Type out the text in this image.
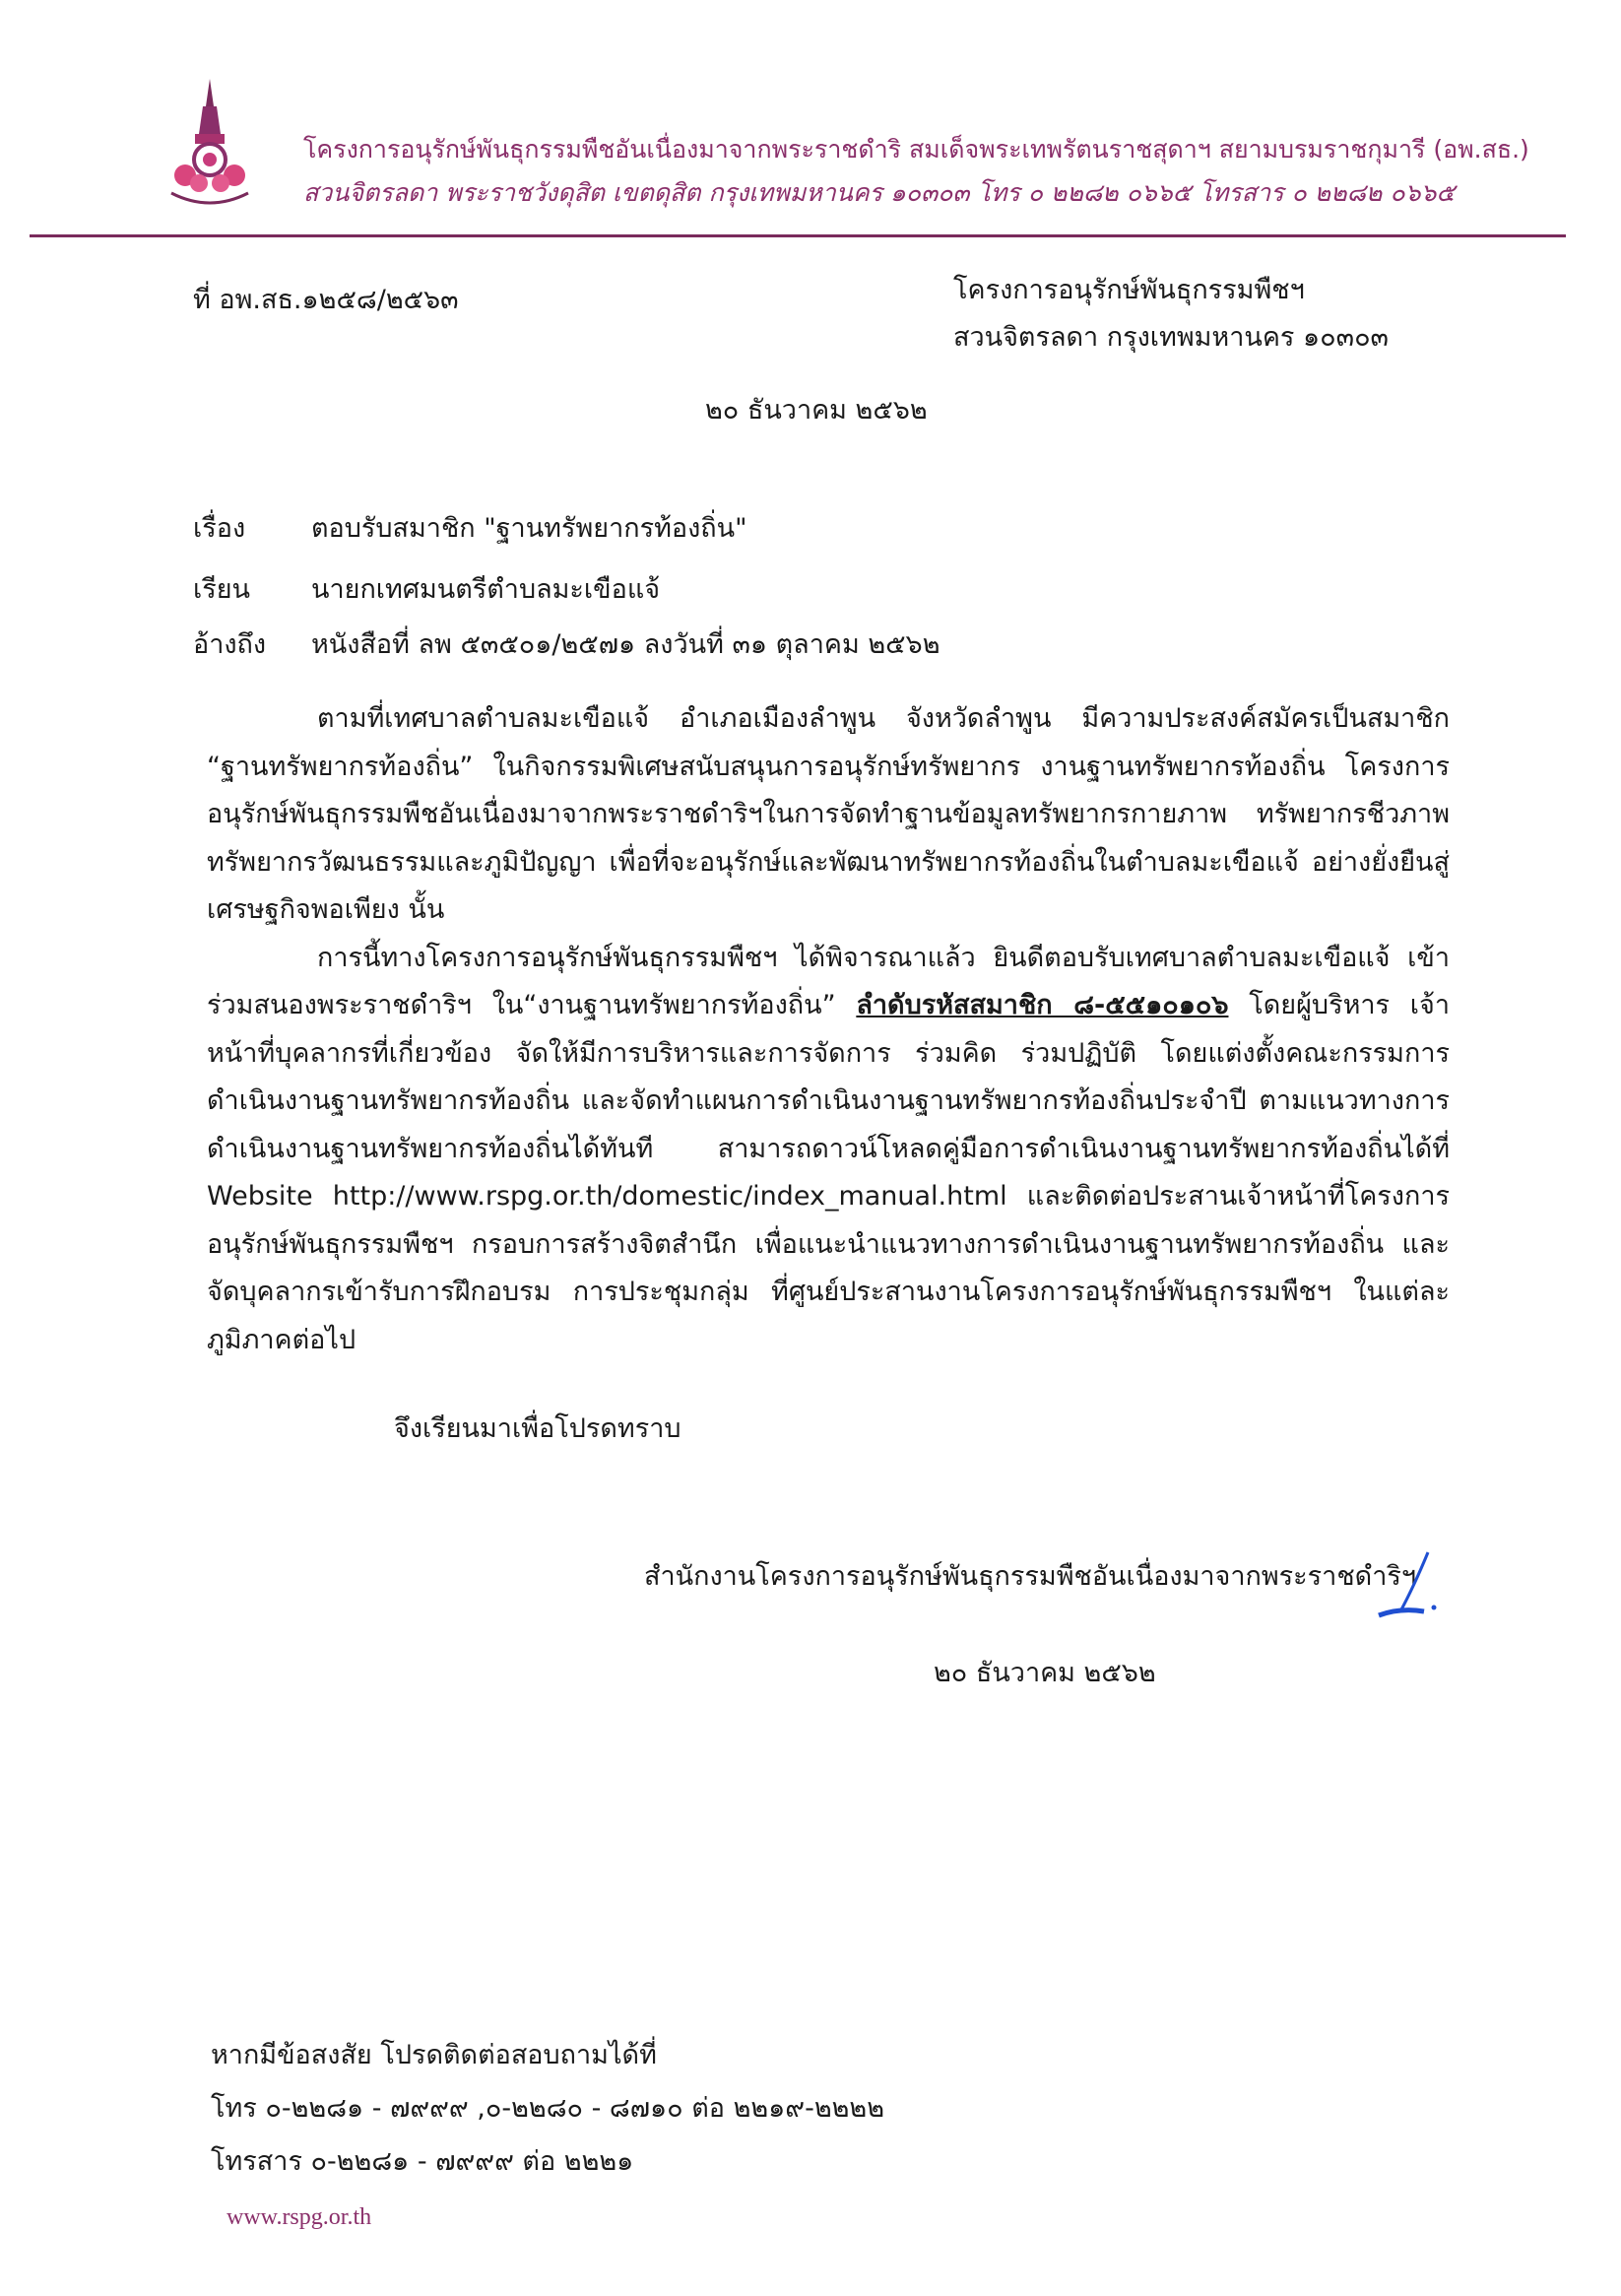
โครงการอนุรักษ์พันธุกรรมพืชอันเนื่องมาจากพระราชดำริ สมเด็จพระเทพรัตนราชสุดาฯ สยามบรมราชกุมารี (อพ.สธ.)
สวนจิตรลดา พระราชวังดุสิต เขตดุสิต กรุงเทพมหานคร ๑๐๓๐๓ โทร ๐ ๒๒๘๒ ๐๖๖๕ โทรสาร ๐ ๒๒๘๒ ๐๖๖๕
ที่ อพ.สธ.๑๒๕๘/๒๕๖๓	โครงการอนุรักษ์พันธุกรรมพืชฯ
สวนจิตรลดา กรุงเทพมหานคร ๑๐๓๐๓
๒๐ ธันวาคม ๒๕๖๒
เรื่อง ตอบรับสมาชิก "ฐานทรัพยากรท้องถิ่น"
เรียน นายกเทศมนตรีตำบลมะเขือแจ้
อ้างถึง หนังสือที่ ลพ ๕๓๕๐๑/๒๕๗๑ ลงวันที่ ๓๑ ตุลาคม ๒๕๖๒

ตามที่เทศบาลตำบลมะเขือแจ้ อำเภอเมืองลำพูน จังหวัดลำพูน มีความประสงค์สมัครเป็นสมาชิก “ฐานทรัพยากรท้องถิ่น” ในกิจกรรมพิเศษสนับสนุนการอนุรักษ์ทรัพยากร งานฐานทรัพยากรท้องถิ่น โครงการอนุรักษ์พันธุกรรมพืชอันเนื่องมาจากพระราชดำริฯในการจัดทำฐานข้อมูลทรัพยากรกายภาพ ทรัพยากรชีวภาพ ทรัพยากรวัฒนธรรมและภูมิปัญญา เพื่อที่จะอนุรักษ์และพัฒนาทรัพยากรท้องถิ่นในตำบลมะเขือแจ้ อย่างยั่งยืนสู่เศรษฐกิจพอเพียง นั้น

การนี้ทางโครงการอนุรักษ์พันธุกรรมพืชฯ ได้พิจารณาแล้ว ยินดีตอบรับเทศบาลตำบลมะเขือแจ้ เข้าร่วมสนองพระราชดำริฯ ใน“งานฐานทรัพยากรท้องถิ่น” ลำดับรหัสสมาชิก ๘-๕๕๑๐๑๐๖ โดยผู้บริหาร เจ้าหน้าที่บุคลากรที่เกี่ยวข้อง จัดให้มีการบริหารและการจัดการ ร่วมคิด ร่วมปฏิบัติ โดยแต่งตั้งคณะกรรมการดำเนินงานฐานทรัพยากรท้องถิ่น และจัดทำแผนการดำเนินงานฐานทรัพยากรท้องถิ่นประจำปี ตามแนวทางการดำเนินงานฐานทรัพยากรท้องถิ่นได้ทันที สามารถดาวน์โหลดคู่มือการดำเนินงานฐานทรัพยากรท้องถิ่นได้ที่ Website http://www.rspg.or.th/domestic/index_manual.html และติดต่อประสานเจ้าหน้าที่โครงการอนุรักษ์พันธุกรรมพืชฯ กรอบการสร้างจิตสำนึก เพื่อแนะนำแนวทางการดำเนินงานฐานทรัพยากรท้องถิ่น และจัดบุคลากรเข้ารับการฝึกอบรม การประชุมกลุ่ม ที่ศูนย์ประสานงานโครงการอนุรักษ์พันธุกรรมพืชฯ ในแต่ละภูมิภาคต่อไป

จึงเรียนมาเพื่อโปรดทราบ
สำนักงานโครงการอนุรักษ์พันธุกรรมพืชอันเนื่องมาจากพระราชดำริฯ
๒๐ ธันวาคม ๒๕๖๒
หากมีข้อสงสัย โปรดติดต่อสอบถามได้ที่
โทร ๐-๒๒๘๑ - ๗๙๙๙ ,๐-๒๒๘๐ - ๘๗๑๐ ต่อ ๒๒๑๙-๒๒๒๒
โทรสาร ๐-๒๒๘๑ - ๗๙๙๙ ต่อ ๒๒๒๑
www.rspg.or.th
